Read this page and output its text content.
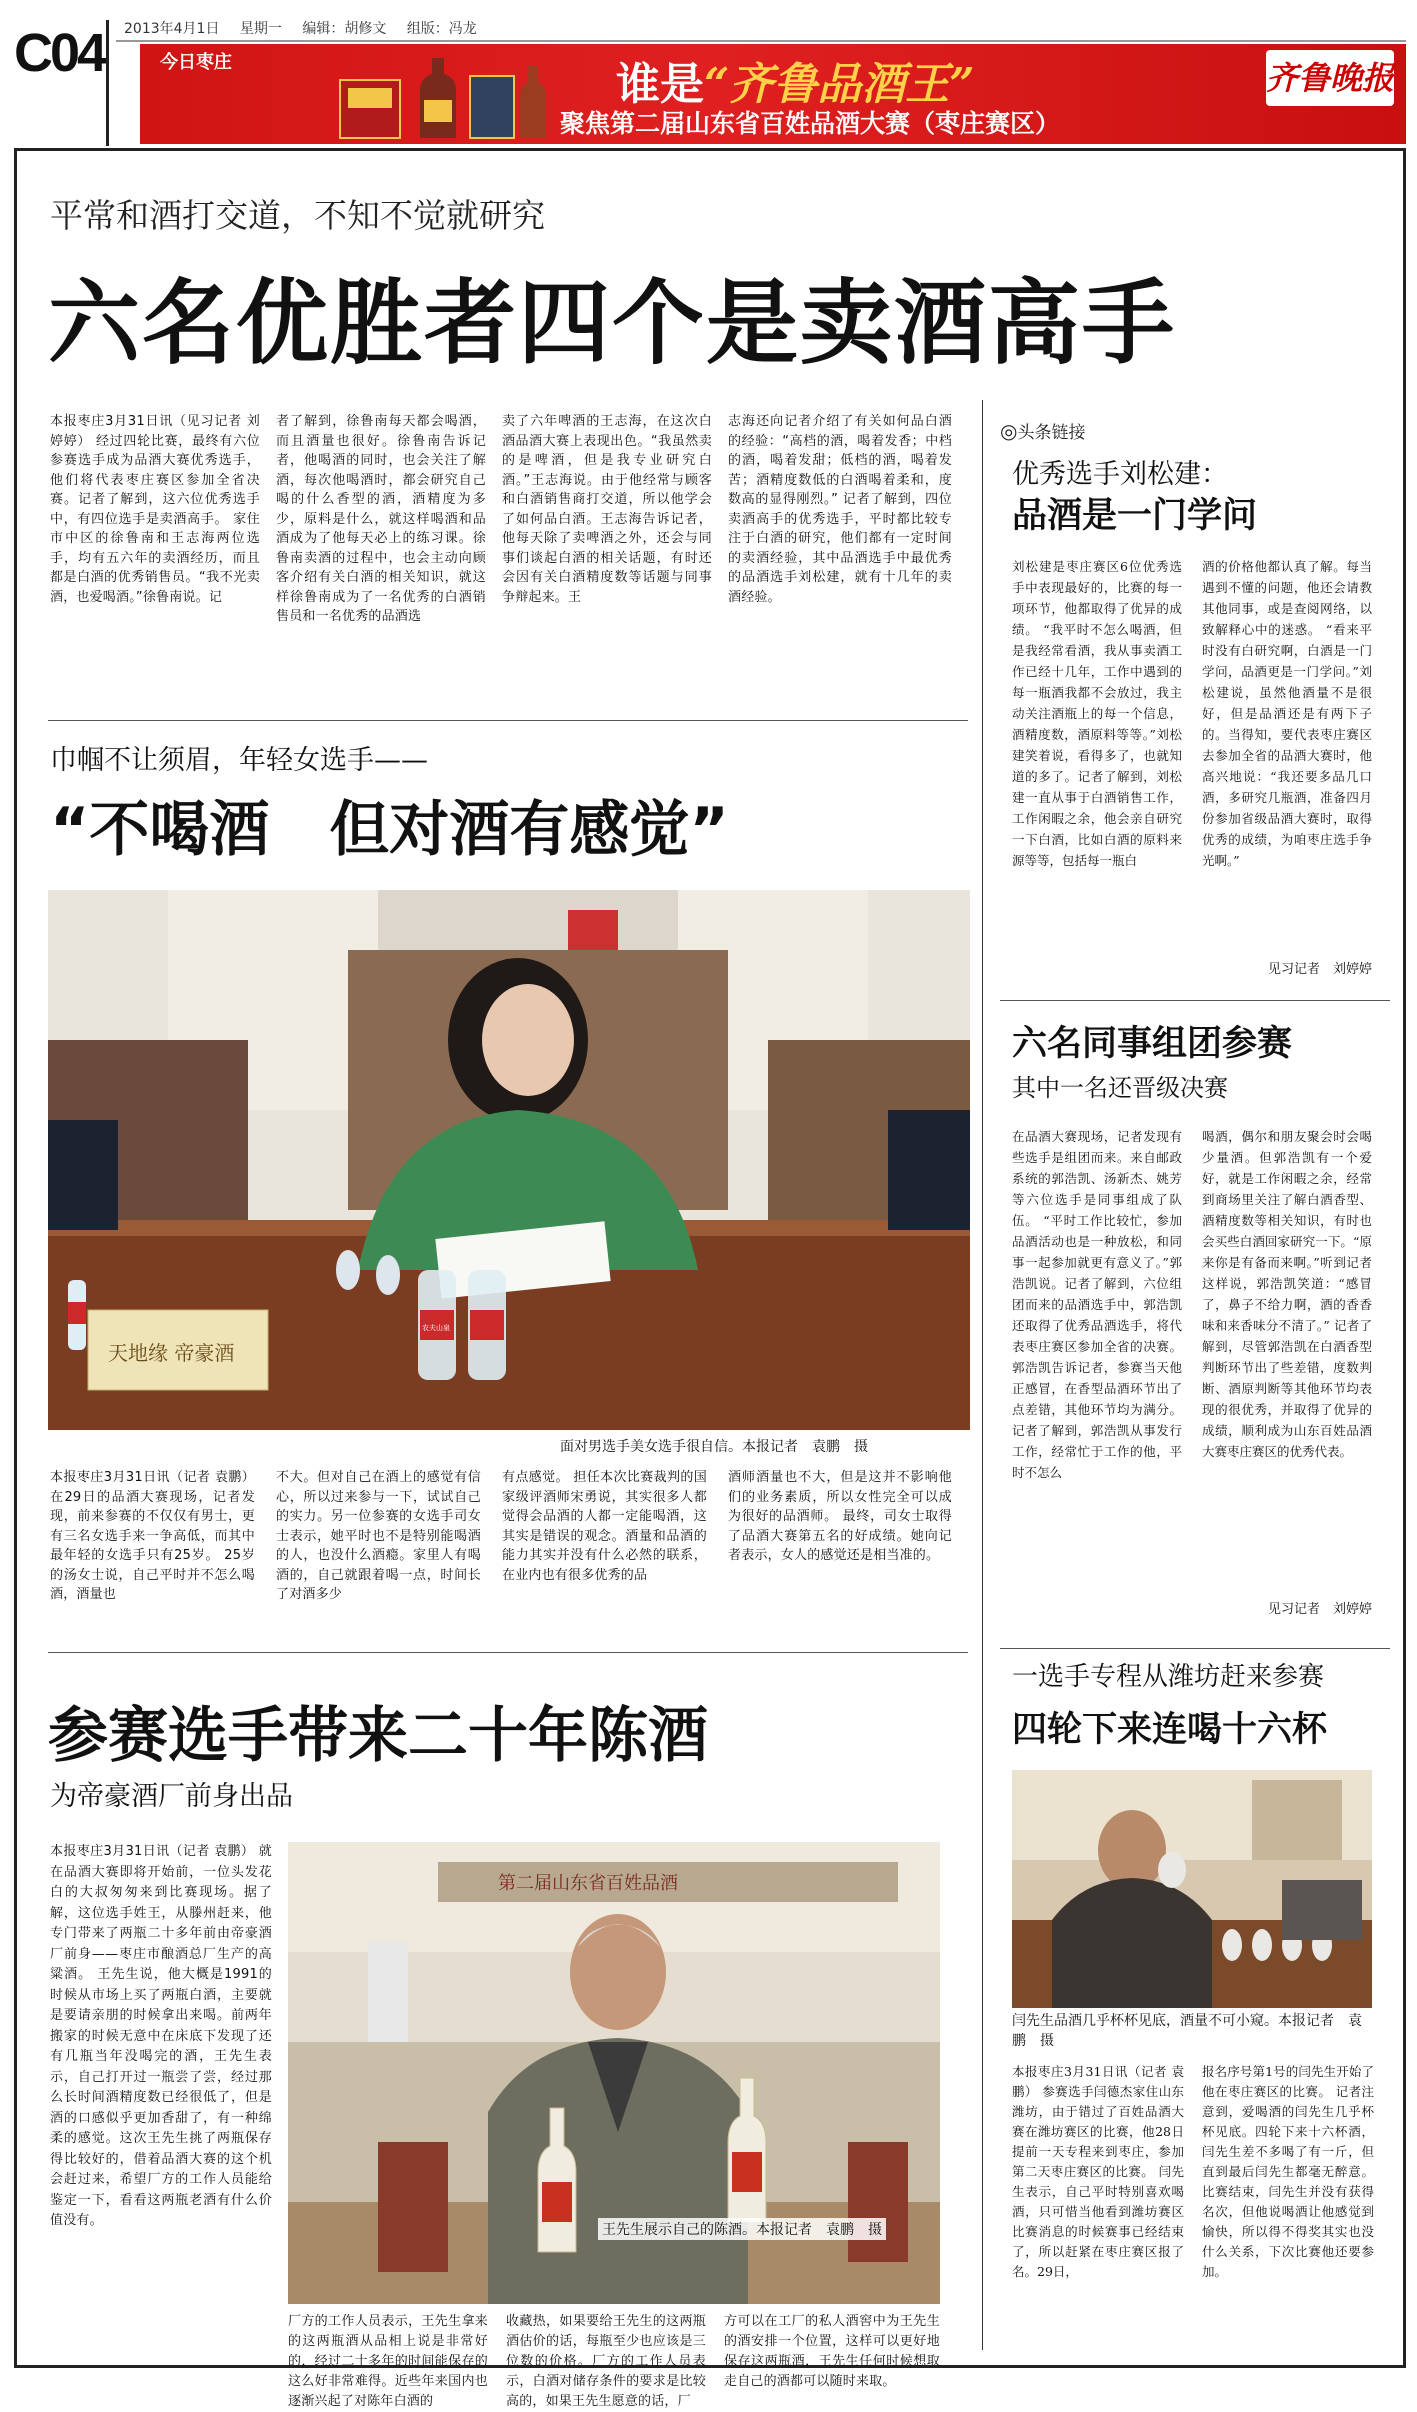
C04 2013年4月1日 星期一 编辑：胡修文 组版：冯龙
今日枣庄	谁是“齐鲁品酒王”
聚焦第二届山东省百姓品酒大赛（枣庄赛区）
齐鲁晚报
平常和酒打交道，不知不觉就研究
六名优胜者四个是卖酒高手
本报枣庄3月31日讯（见习记者 刘婷婷） 经过四轮比赛，最终有六位参赛选手成为品酒大赛优秀选手，他们将代表枣庄赛区参加全省决赛。记者了解到，这六位优秀选手中，有四位选手是卖酒高手。 家住市中区的徐鲁南和王志海两位选手，均有五六年的卖酒经历，而且都是白酒的优秀销售员。“我不光卖酒，也爱喝酒。”徐鲁南说。记
者了解到，徐鲁南每天都会喝酒，而且酒量也很好。徐鲁南告诉记者，他喝酒的同时，也会关注了解酒，每次他喝酒时，都会研究自己喝的什么香型的酒，酒精度为多少，原料是什么，就这样喝酒和品酒成为了他每天必上的练习课。徐鲁南卖酒的过程中，也会主动向顾客介绍有关白酒的相关知识，就这样徐鲁南成为了一名优秀的白酒销售员和一名优秀的品酒选
卖了六年啤酒的王志海，在这次白酒品酒大赛上表现出色。“我虽然卖的是啤酒，但是我专业研究白酒。”王志海说。由于他经常与顾客和白酒销售商打交道，所以他学会了如何品白酒。王志海告诉记者，他每天除了卖啤酒之外，还会与同事们谈起白酒的相关话题，有时还会因有关白酒精度数等话题与同事争辩起来。王
志海还向记者介绍了有关如何品白酒的经验：“高档的酒，喝着发香；中档的酒，喝着发甜；低档的酒，喝着发苦；酒精度数低的白酒喝着柔和，度数高的显得刚烈。” 记者了解到，四位卖酒高手的优秀选手，平时都比较专注于白酒的研究，他们都有一定时间的卖酒经验，其中品酒选手中最优秀的品酒选手刘松建，就有十几年的卖酒经验。
巾帼不让须眉，年轻女选手——
“不喝酒　但对酒有感觉”
天地缘 帝豪酒
农夫山泉
面对男选手美女选手很自信。本报记者　袁鹏　摄
本报枣庄3月31日讯（记者 袁鹏） 在29日的品酒大赛现场，记者发现，前来参赛的不仅仅有男士，更有三名女选手来一争高低，而其中最年轻的女选手只有25岁。 25岁的汤女士说，自己平时并不怎么喝酒，酒量也
不大。但对自己在酒上的感觉有信心，所以过来参与一下，试试自己的实力。另一位参赛的女选手司女士表示，她平时也不是特别能喝酒的人，也没什么酒瘾。家里人有喝酒的，自己就跟着喝一点，时间长了对酒多少
有点感觉。 担任本次比赛裁判的国家级评酒师宋勇说，其实很多人都觉得会品酒的人都一定能喝酒，这其实是错误的观念。酒量和品酒的能力其实并没有什么必然的联系，在业内也有很多优秀的品
酒师酒量也不大，但是这并不影响他们的业务素质，所以女性完全可以成为很好的品酒师。 最终，司女士取得了品酒大赛第五名的好成绩。她向记者表示，女人的感觉还是相当准的。
参赛选手带来二十年陈酒
为帝豪酒厂前身出品
本报枣庄3月31日讯（记者 袁鹏） 就在品酒大赛即将开始前，一位头发花白的大叔匆匆来到比赛现场。据了解，这位选手姓王，从滕州赶来，他专门带来了两瓶二十多年前由帝豪酒厂前身——枣庄市酿酒总厂生产的高粱酒。 王先生说，他大概是1991的时候从市场上买了两瓶白酒，主要就是要请亲朋的时候拿出来喝。前两年搬家的时候无意中在床底下发现了还有几瓶当年没喝完的酒，王先生表示，自己打开过一瓶尝了尝，经过那么长时间酒精度数已经很低了，但是酒的口感似乎更加香甜了，有一种绵柔的感觉。这次王先生挑了两瓶保存得比较好的，借着品酒大赛的这个机会赶过来，希望厂方的工作人员能给鉴定一下，看看这两瓶老酒有什么价值没有。
第二届山东省百姓品酒
王先生展示自己的陈酒。本报记者　袁鹏　摄
厂方的工作人员表示，王先生拿来的这两瓶酒从品相上说是非常好的，经过二十多年的时间能保存的这么好非常难得。近些年来国内也逐渐兴起了对陈年白酒的
收藏热，如果要给王先生的这两瓶酒估价的话，每瓶至少也应该是三位数的价格。厂方的工作人员表示，白酒对储存条件的要求是比较高的，如果王先生愿意的话，厂
方可以在工厂的私人酒窖中为王先生的酒安排一个位置，这样可以更好地保存这两瓶酒，王先生任何时候想取走自己的酒都可以随时来取。
◎头条链接
优秀选手刘松建：
品酒是一门学问
刘松建是枣庄赛区6位优秀选手中表现最好的，比赛的每一项环节，他都取得了优异的成绩。 “我平时不怎么喝酒，但是我经常看酒，我从事卖酒工作已经十几年，工作中遇到的每一瓶酒我都不会放过，我主动关注酒瓶上的每一个信息，酒精度数，酒原料等等。”刘松建笑着说，看得多了，也就知道的多了。记者了解到，刘松建一直从事于白酒销售工作，工作闲暇之余，他会亲自研究一下白酒，比如白酒的原料来源等等，包括每一瓶白
酒的价格他都认真了解。每当遇到不懂的问题，他还会请教其他同事，或是查阅网络，以致解释心中的迷惑。 “看来平时没有白研究啊，白酒是一门学问，品酒更是一门学问。”刘松建说，虽然他酒量不是很好，但是品酒还是有两下子的。当得知，要代表枣庄赛区去参加全省的品酒大赛时，他高兴地说：“我还要多品几口酒，多研究几瓶酒，准备四月份参加省级品酒大赛时，取得优秀的成绩，为咱枣庄选手争光啊。”
见习记者　刘婷婷
六名同事组团参赛
其中一名还晋级决赛
在品酒大赛现场，记者发现有些选手是组团而来。来自邮政系统的郭浩凯、汤新杰、姚芳等六位选手是同事组成了队伍。 “平时工作比较忙，参加品酒活动也是一种放松，和同事一起参加就更有意义了。”郭浩凯说。记者了解到，六位组团而来的品酒选手中，郭浩凯还取得了优秀品酒选手，将代表枣庄赛区参加全省的决赛。 郭浩凯告诉记者，参赛当天他正感冒，在香型品酒环节出了点差错，其他环节均为满分。记者了解到，郭浩凯从事发行工作，经常忙于工作的他，平时不怎么
喝酒，偶尔和朋友聚会时会喝少量酒。但郭浩凯有一个爱好，就是工作闲暇之余，经常到商场里关注了解白酒香型、酒精度数等相关知识，有时也会买些白酒回家研究一下。“原来你是有备而来啊。”听到记者这样说，郭浩凯笑道：“感冒了，鼻子不给力啊，酒的香香味和来香味分不清了。” 记者了解到，尽管郭浩凯在白酒香型判断环节出了些差错，度数判断、酒原判断等其他环节均表现的很优秀，并取得了优异的成绩，顺利成为山东百姓品酒大赛枣庄赛区的优秀代表。
见习记者　刘婷婷
一选手专程从潍坊赶来参赛
四轮下来连喝十六杯
闫先生品酒几乎杯杯见底，酒量不可小窥。本报记者　袁鹏　摄
本报枣庄3月31日讯（记者 袁鹏） 参赛选手闫德杰家住山东潍坊，由于错过了百姓品酒大赛在潍坊赛区的比赛，他28日提前一天专程来到枣庄，参加第二天枣庄赛区的比赛。 闫先生表示，自己平时特别喜欢喝酒，只可惜当他看到潍坊赛区比赛消息的时候赛事已经结束了，所以赶紧在枣庄赛区报了名。29日，
报名序号第1号的闫先生开始了他在枣庄赛区的比赛。 记者注意到，爱喝酒的闫先生几乎杯杯见底。四轮下来十六杯酒，闫先生差不多喝了有一斤，但直到最后闫先生都毫无醉意。比赛结束，闫先生并没有获得名次，但他说喝酒让他感觉到愉快，所以得不得奖其实也没什么关系，下次比赛他还要参加。
